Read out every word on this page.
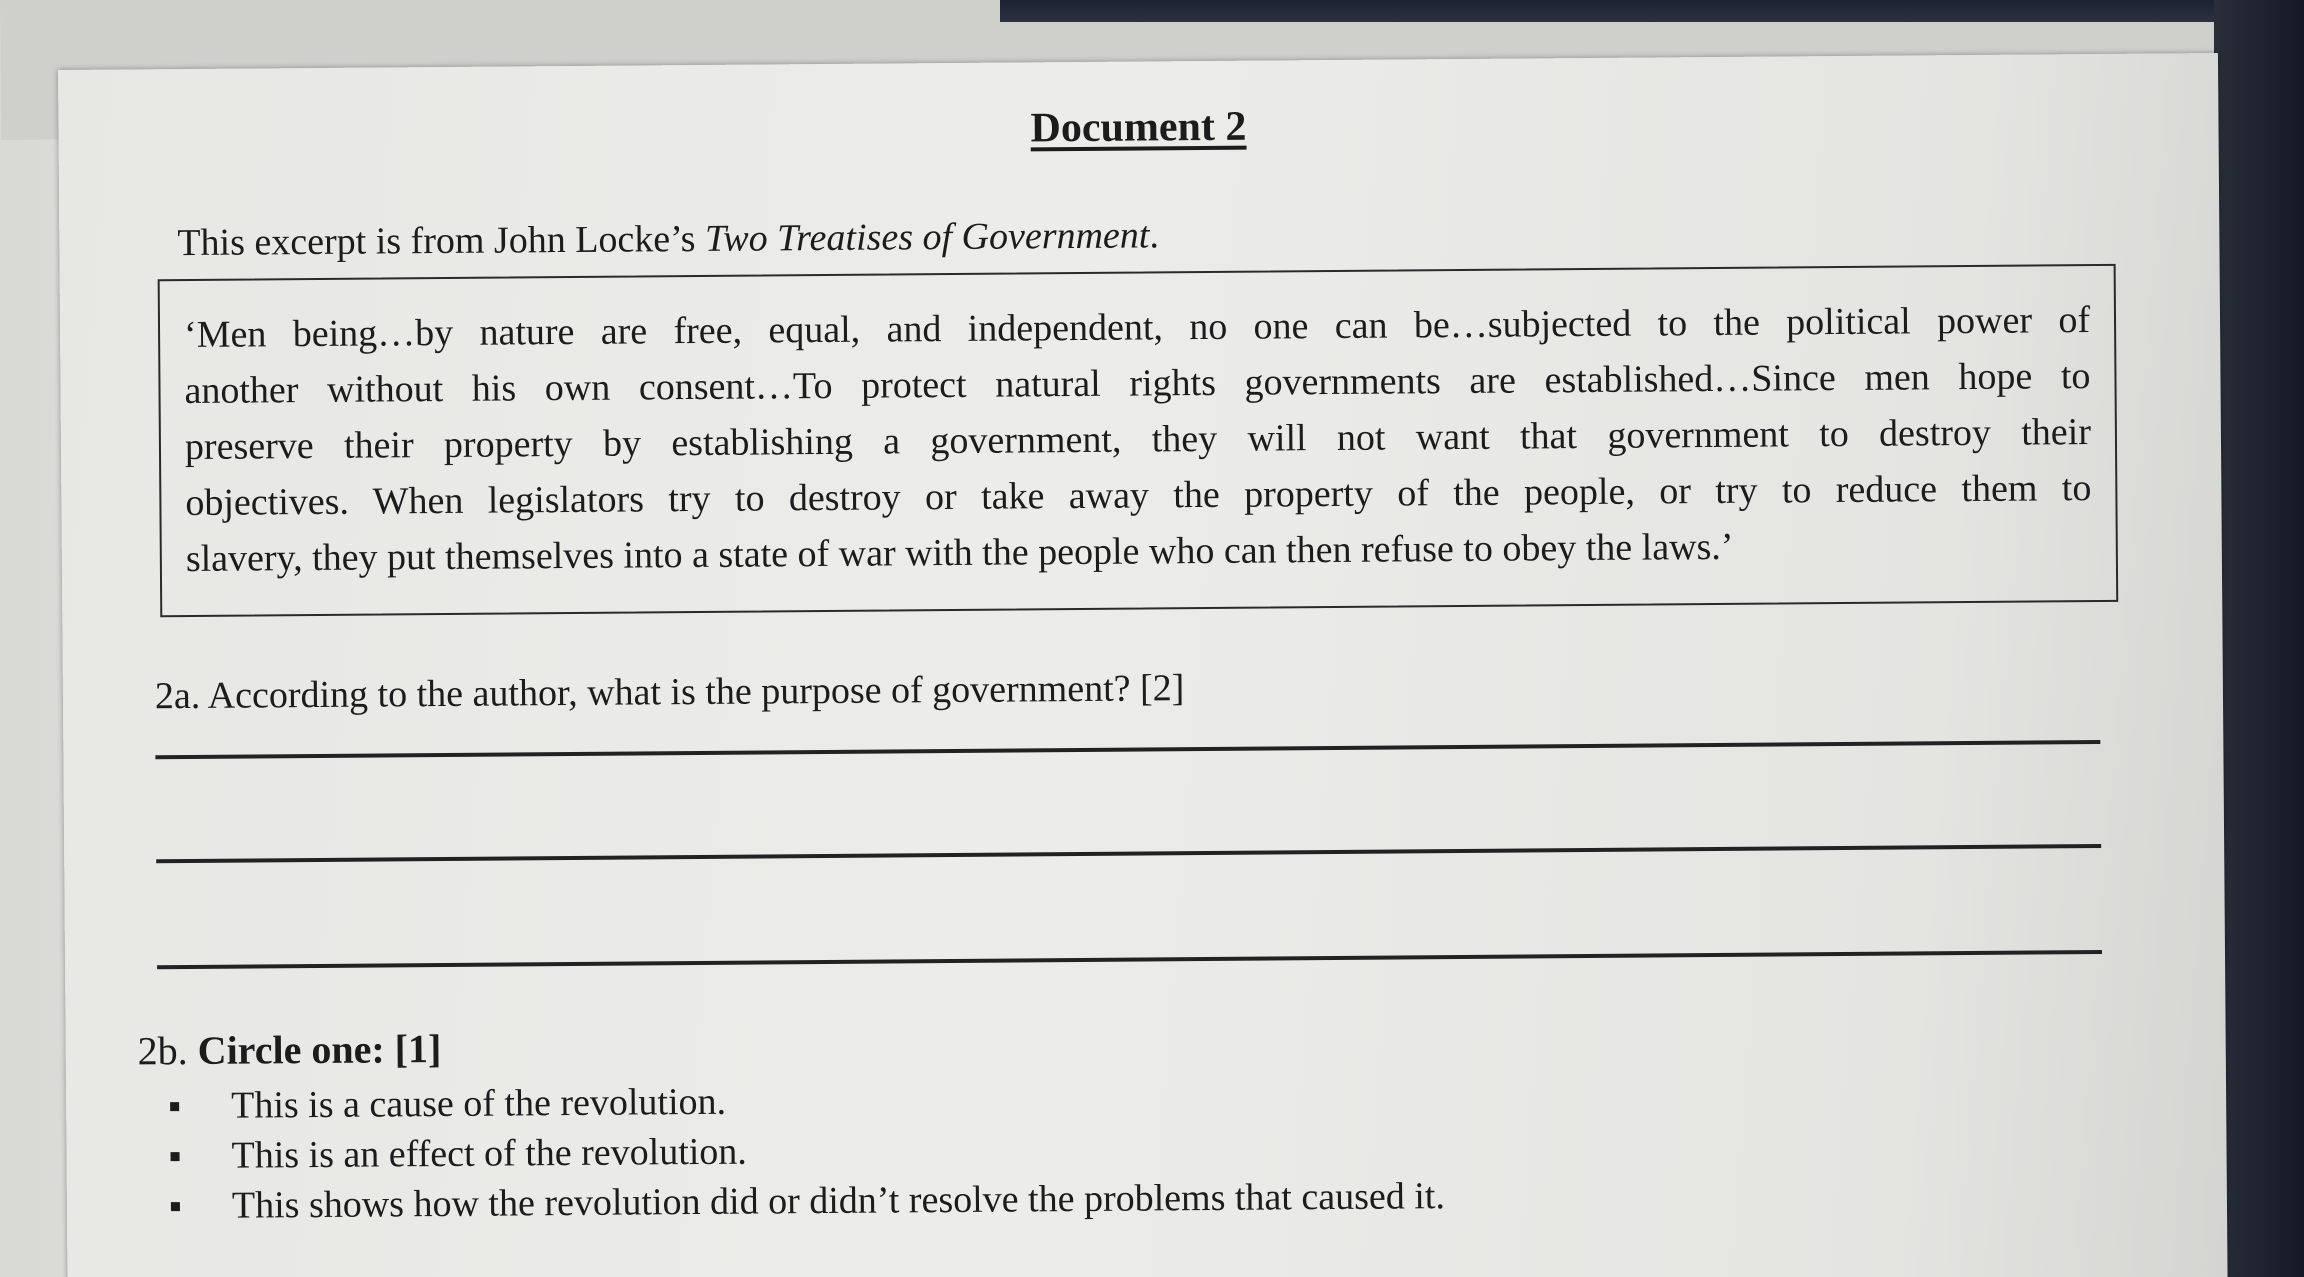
Document 2
This excerpt is from John Locke’s Two Treatises of Government.
‘Men being…by nature are free, equal, and independent, no one can be…subjected to the political power of
another without his own consent…To protect natural rights governments are established…Since men hope to
preserve their property by establishing a government, they will not want that government to destroy their
objectives. When legislators try to destroy or take away the property of the people, or try to reduce them to
slavery, they put themselves into a state of war with the people who can then refuse to obey the laws.’
2a. According to the author, what is the purpose of government? [2]
2b. Circle one: [1]
This is a cause of the revolution.
This is an effect of the revolution.
This shows how the revolution did or didn’t resolve the problems that caused it.
